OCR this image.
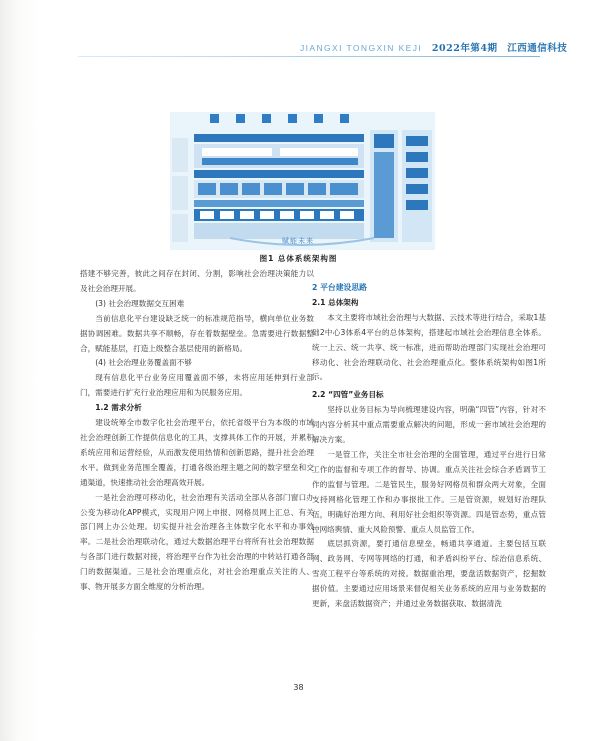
JIANGXI TONGXIN KEJI 2022年第4期 江西通信科技
赋能未来
图1 总体系统架构图

搭建不够完善，彼此之间存在封闭、分割，影响社会治理决策能力以及社会治理开展。

(3) 社会治理数据交互困难

当前信息化平台建设缺乏统一的标准规范指导，横向单位业务数据协调困难。数据共享不顺畅，存在着数据壁垒。急需要进行数据整合，赋能基层，打造上级整合基层使用的新格局。

(4) 社会治理业务覆盖面不够

现有信息化平台业务应用覆盖面不够，未将应用延伸到行业部门，需要进行扩充行业治理应用和为民服务应用。

1.2 需求分析

建设统筹全市数字化社会治理平台，依托省级平台为本级的市域社会治理创新工作提供信息化的工具，支撑具体工作的开展，并累积系统应用和运营经验，从而激发使用热情和创新思路，提升社会治理水平。做到业务范围全覆盖，打通各级治理主题之间的数字壁垒和交通渠道，快速推动社会治理高效开展。

一是社会治理可移动化，社会治理有关活动全部从各部门窗口办公变为移动化APP模式，实现用户网上申报、网格员网上汇总、有关部门网上办公处理。切实提升社会治理各主体数字化水平和办事效率。二是社会治理联动化，通过大数据治理平台将所有社会治理数据与各部门进行数据对接，将治理平台作为社会治理的中转站打通各部门的数据渠道。三是社会治理重点化，对社会治理重点关注的人、事、物开展多方面全维度的分析治理。

2 平台建设思路

2.1 总体架构

本文主要将市域社会治理与大数据、云技术等进行结合，采取1基础2中心3体系4平台的总体架构，搭建起市域社会治理信息全体系。统一上云、统一共享、统一标准，进而帮助治理部门实现社会治理可移动化、社会治理联动化、社会治理重点化。整体系统架构如图1所示。

2.2 “四管”业务目标

坚持以业务目标为导向梳理建设内容，明确“四管”内容，针对不同内容分析其中重点需要重点解决的问题，形成一套市域社会治理的解决方案。

一是管工作，关注全市社会治理的全面管理，通过平台进行日常工作的监督和专项工作的督导、协调。重点关注社会综合矛盾调节工作的监督与管理。二是管民生，服务好网格员和群众两大对象，全面支持网格化管理工作和办事报批工作。三是管资源，规划好治理队伍，明确好治理方向、利用好社会组织等资源。四是管态势，重点管控网络舆情、重大风险预警、重点人员监管工作。

底层抓资源，要打通信息壁垒，畅通共享通道。主要包括互联网、政务网、专网等网络的打通，和矛盾纠纷平台、综治信息系统、雪亮工程平台等系统的对接。数据重治理，要盘活数据资产，挖掘数据价值。主要通过应用场景来督促相关业务系统的应用与业务数据的更新，来盘活数据资产；并通过业务数据获取、数据清洗

38
